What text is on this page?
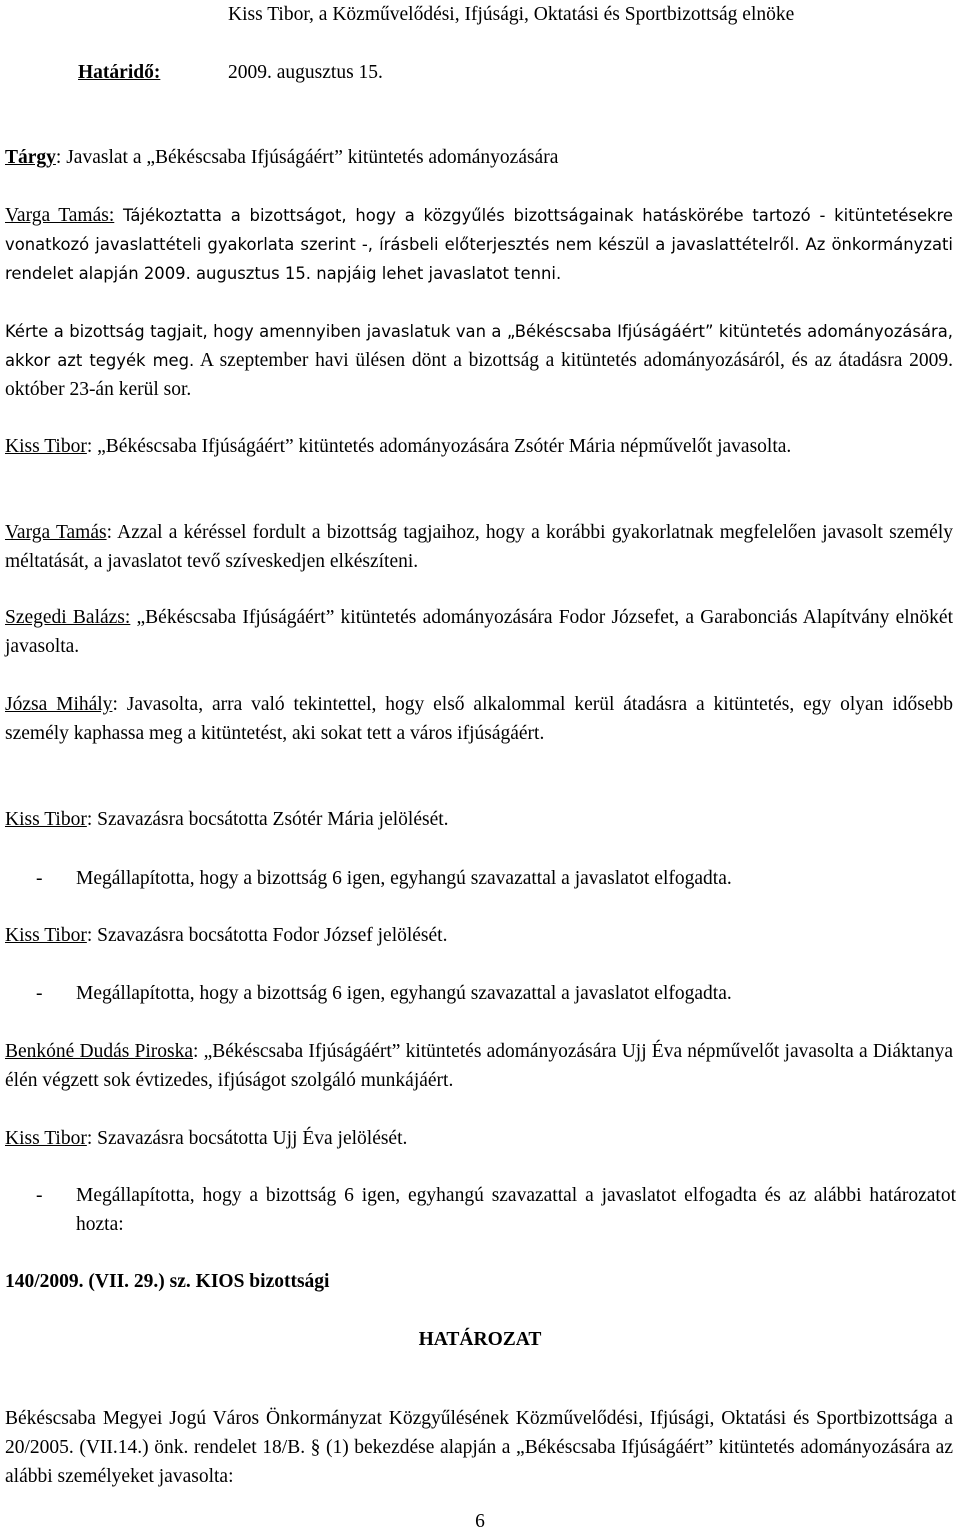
Kiss Tibor, a Közművelődési, Ifjúsági, Oktatási és Sportbizottság elnöke
Határidő:	2009. augusztus 15.

Tárgy: Javaslat a „Békéscsaba Ifjúságáért” kitüntetés adományozására

Varga Tamás: Tájékoztatta a bizottságot, hogy a közgyűlés bizottságainak hatáskörébe tartozó - kitüntetésekre vonatkozó javaslattételi gyakorlata szerint -, írásbeli előterjesztés nem készül a javaslattételről. Az önkormányzati rendelet alapján 2009. augusztus 15. napjáig lehet javaslatot tenni.

Kérte a bizottság tagjait, hogy amennyiben javaslatuk van a „Békéscsaba Ifjúságáért” kitüntetés adományozására, akkor azt tegyék meg. A szeptember havi ülésen dönt a bizottság a kitüntetés adományozásáról, és az átadásra 2009. október 23-án kerül sor.

Kiss Tibor: „Békéscsaba Ifjúságáért” kitüntetés adományozására Zsótér Mária népművelőt javasolta.

Varga Tamás: Azzal a kéréssel fordult a bizottság tagjaihoz, hogy a korábbi gyakorlatnak megfelelően javasolt személy méltatását, a javaslatot tevő szíveskedjen elkészíteni.

Szegedi Balázs: „Békéscsaba Ifjúságáért” kitüntetés adományozására Fodor Józsefet, a Garabonciás Alapítvány elnökét javasolta.

Józsa Mihály: Javasolta, arra való tekintettel, hogy első alkalommal kerül átadásra a kitüntetés, egy olyan idősebb személy kaphassa meg a kitüntetést, aki sokat tett a város ifjúságáért.

Kiss Tibor: Szavazásra bocsátotta Zsótér Mária jelölését.

- Megállapította, hogy a bizottság 6 igen, egyhangú szavazattal a javaslatot elfogadta.

Kiss Tibor: Szavazásra bocsátotta Fodor József jelölését.

- Megállapította, hogy a bizottság 6 igen, egyhangú szavazattal a javaslatot elfogadta.

Benkóné Dudás Piroska: „Békéscsaba Ifjúságáért” kitüntetés adományozására Ujj Éva népművelőt javasolta a Diáktanya élén végzett sok évtizedes, ifjúságot szolgáló munkájáért.

Kiss Tibor: Szavazásra bocsátotta Ujj Éva jelölését.

- Megállapította, hogy a bizottság 6 igen, egyhangú szavazattal a javaslatot elfogadta és az alábbi határozatot hozta:

140/2009. (VII. 29.) sz. KIOS bizottsági

HATÁROZAT

Békéscsaba Megyei Jogú Város Önkormányzat Közgyűlésének Közművelődési, Ifjúsági, Oktatási és Sportbizottsága a 20/2005. (VII.14.) önk. rendelet 18/B. § (1) bekezdése alapján a „Békéscsaba Ifjúságáért” kitüntetés adományozására az alábbi személyeket javasolta:

6
